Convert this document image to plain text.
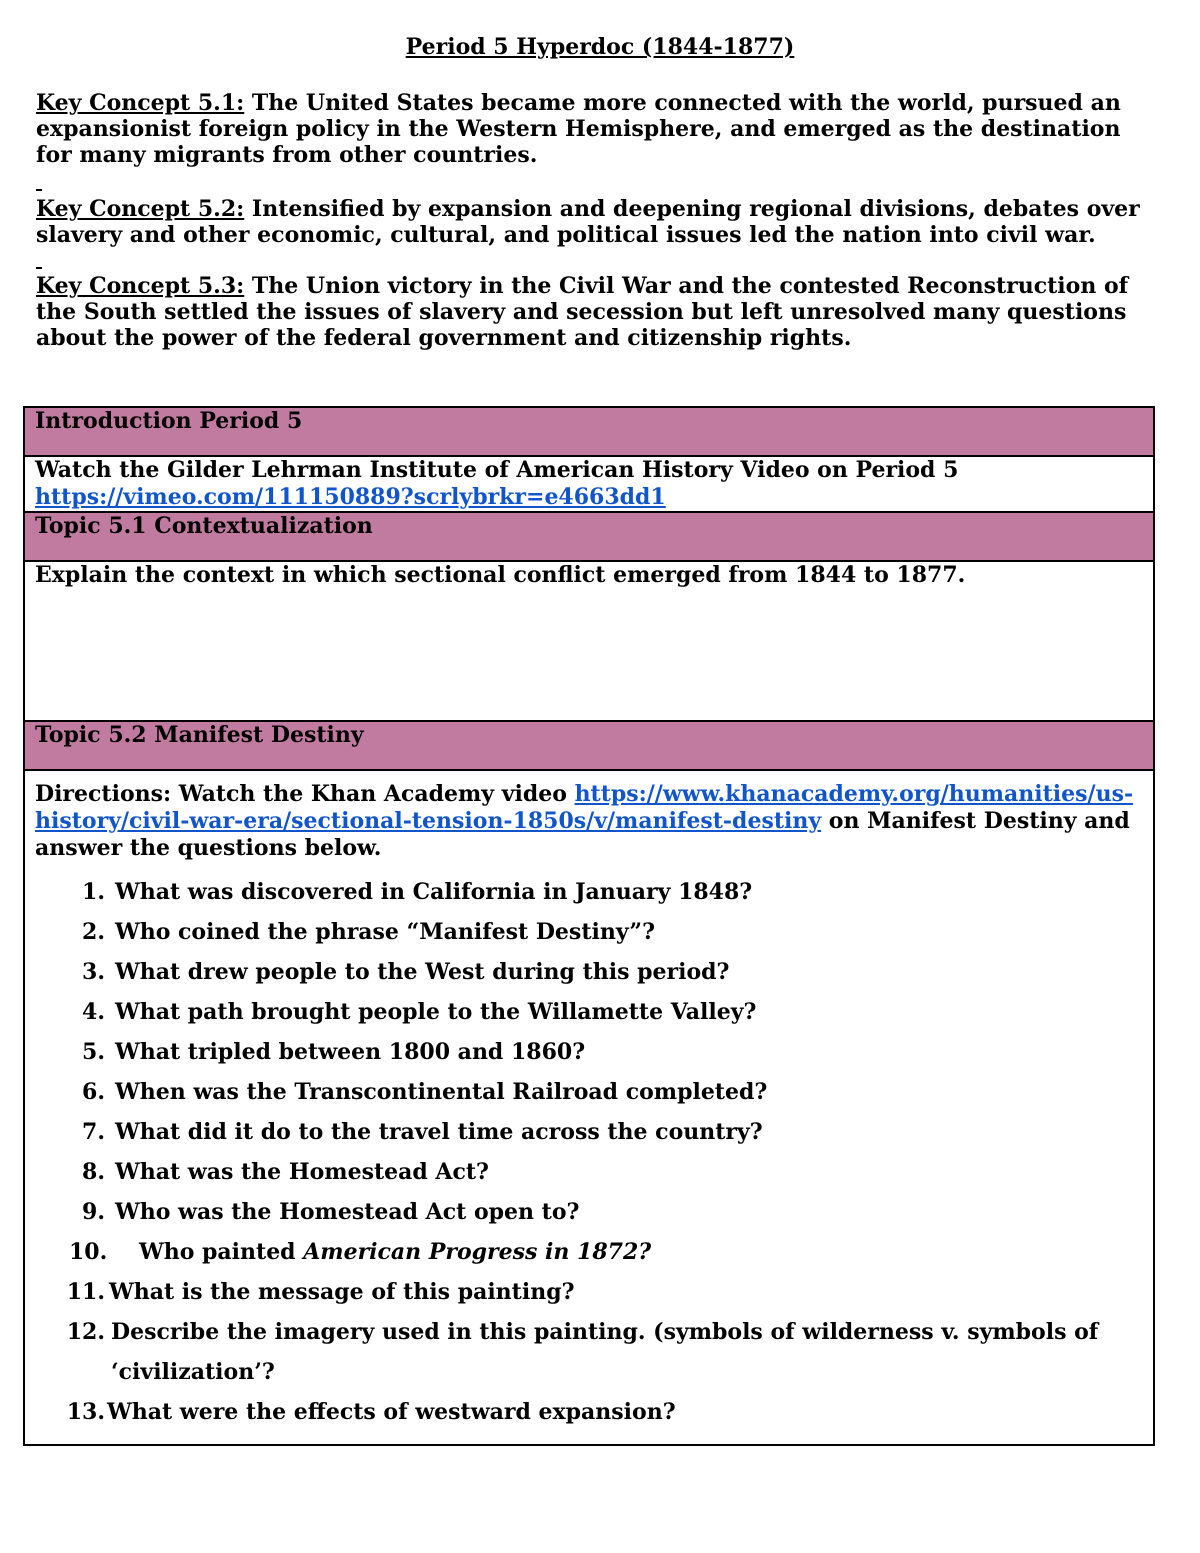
Period 5 Hyperdoc (1844-1877)
Key Concept 5.1: The United States became more connected with the world, pursued an expansionist foreign policy in the Western Hemisphere, and emerged as the destination for many migrants from other countries.
Key Concept 5.2: Intensified by expansion and deepening regional divisions, debates over slavery and other economic, cultural, and political issues led the nation into civil war.
Key Concept 5.3: The Union victory in the Civil War and the contested Reconstruction of the South settled the issues of slavery and secession but left unresolved many questions about the power of the federal government and citizenship rights.
Introduction Period 5

Watch the Gilder Lehrman Institute of American History Video on Period 5
https://vimeo.com/111150889?scrlybrkr=e4663dd1
Topic 5.1 Contextualization

Explain the context in which sectional conflict emerged from 1844 to 1877.

Topic 5.2 Manifest Destiny

Directions: Watch the Khan Academy video https://www.khanacademy.org/humanities/us-history/civil-war-era/sectional-tension-1850s/v/manifest-destiny on Manifest Destiny and answer the questions below.
1. What was discovered in California in January 1848?
2. Who coined the phrase “Manifest Destiny”?
3. What drew people to the West during this period?
4. What path brought people to the Willamette Valley?
5. What tripled between 1800 and 1860?
6. When was the Transcontinental Railroad completed?
7. What did it do to the travel time across the country?
8. What was the Homestead Act?
9. Who was the Homestead Act open to?
10.	Who painted American Progress in 1872?
11. What is the message of this painting?
12. Describe the imagery used in this painting. (symbols of wilderness v. symbols of ‘civilization’?
13. What were the effects of westward expansion?
